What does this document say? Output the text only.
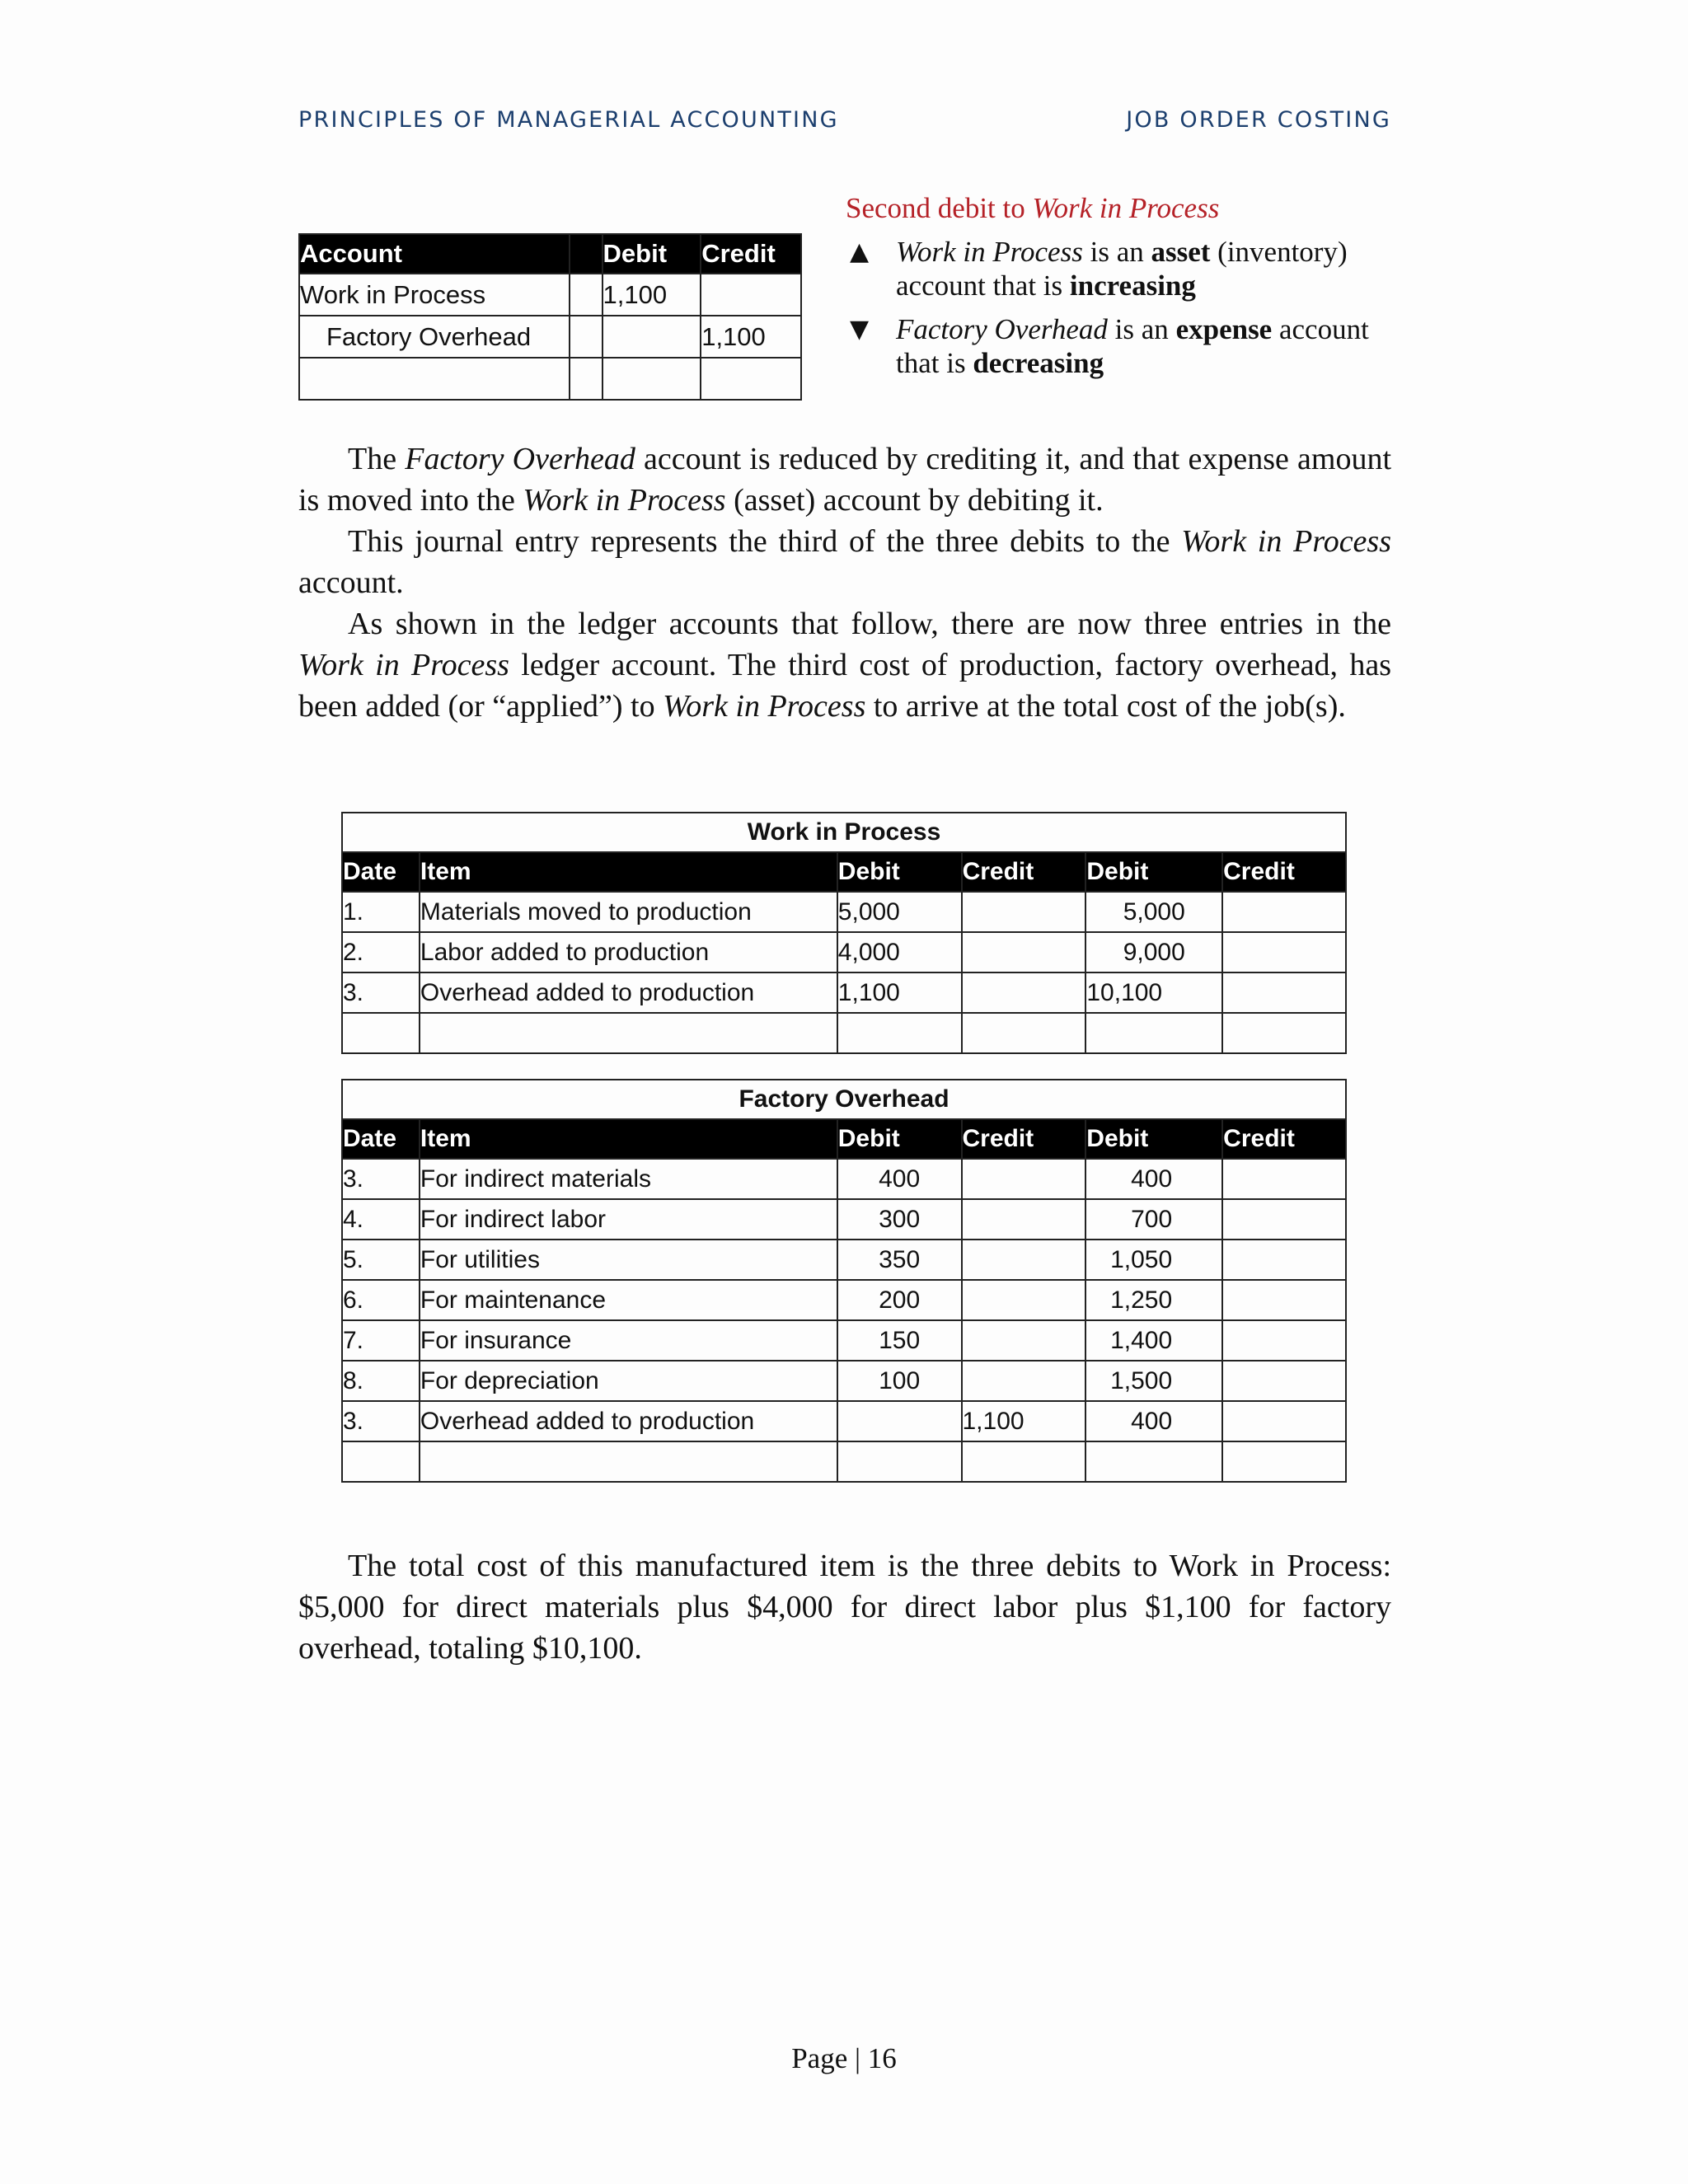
PRINCIPLES OF MANAGERIAL ACCOUNTING	JOB ORDER COSTING
Account		Debit	Credit
Work in Process		1,100	
Factory Overhead			1,100

Second debit to Work in Process
▲ Work in Process is an asset (inventory) account that is increasing
▼ Factory Overhead is an expense account that is decreasing

The Factory Overhead account is reduced by crediting it, and that expense amount is moved into the Work in Process (asset) account by debiting it.

This journal entry represents the third of the three debits to the Work in Process account.

As shown in the ledger accounts that follow, there are now three entries in the Work in Process ledger account. The third cost of production, factory overhead, has been added (or “applied”) to Work in Process to arrive at the total cost of the job(s).

Work in Process					
Date	Item	Debit	Credit	Debit	Credit
1.	Materials moved to production	5,000		5,000	
2.	Labor added to production	4,000		9,000	
3.	Overhead added to production	1,100		10,100	

Factory Overhead					
Date	Item	Debit	Credit	Debit	Credit
3.	For indirect materials	400		400	
4.	For indirect labor	300		700	
5.	For utilities	350		1,050	
6.	For maintenance	200		1,250	
7.	For insurance	150		1,400	
8.	For depreciation	100		1,500	
3.	Overhead added to production		1,100	400	

The total cost of this manufactured item is the three debits to Work in Process: $5,000 for direct materials plus $4,000 for direct labor plus $1,100 for factory overhead, totaling $10,100.

Page | 16
